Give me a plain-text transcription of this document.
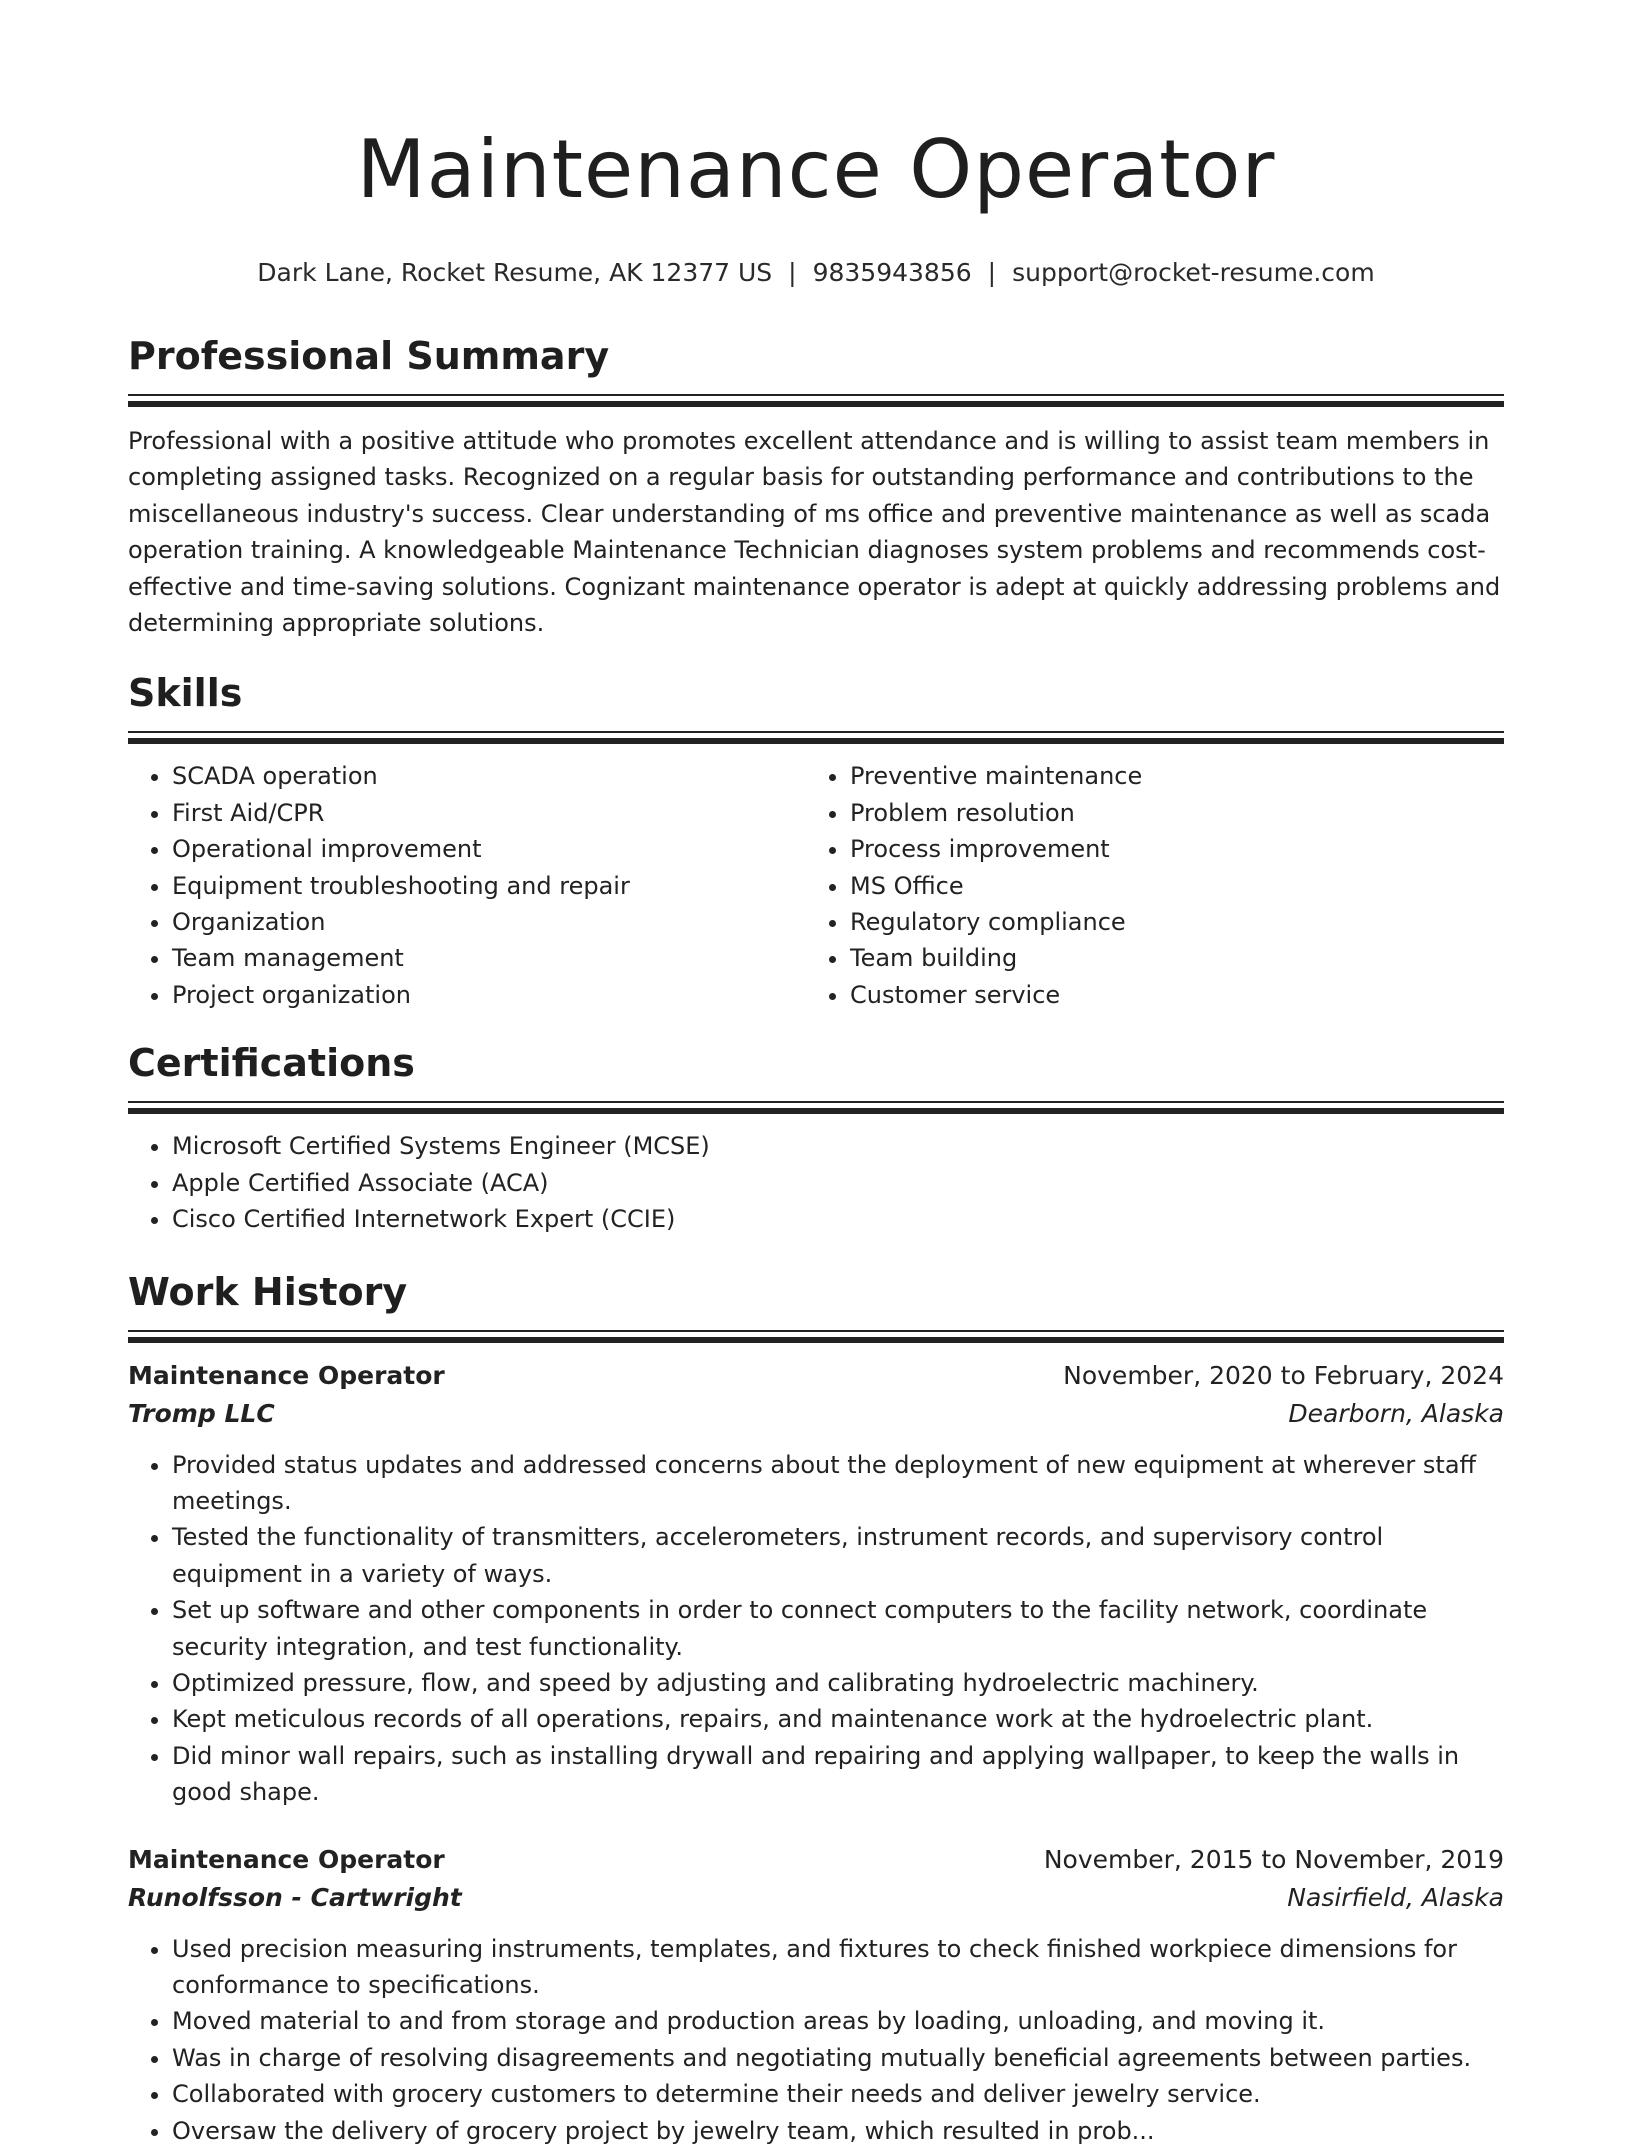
Maintenance Operator
Dark Lane, Rocket Resume, AK 12377 US | 9835943856 | support@rocket-resume.com
Professional Summary
Professional with a positive attitude who promotes excellent attendance and is willing to assist team members in completing assigned tasks. Recognized on a regular basis for outstanding performance and contributions to the miscellaneous industry's success. Clear understanding of ms office and preventive maintenance as well as scada operation training. A knowledgeable Maintenance Technician diagnoses system problems and recommends cost-effective and time-saving solutions. Cognizant maintenance operator is adept at quickly addressing problems and determining appropriate solutions.
Skills
• SCADA operation
• First Aid/CPR
• Operational improvement
• Equipment troubleshooting and repair
• Organization
• Team management
• Project organization
• Preventive maintenance
• Problem resolution
• Process improvement
• MS Office
• Regulatory compliance
• Team building
• Customer service
Certifications
• Microsoft Certified Systems Engineer (MCSE)
• Apple Certified Associate (ACA)
• Cisco Certified Internetwork Expert (CCIE)
Work History
Maintenance Operator	November, 2020 to February, 2024
Tromp LLC	Dearborn, Alaska
• Provided status updates and addressed concerns about the deployment of new equipment at wherever staff meetings.
• Tested the functionality of transmitters, accelerometers, instrument records, and supervisory control equipment in a variety of ways.
• Set up software and other components in order to connect computers to the facility network, coordinate security integration, and test functionality.
• Optimized pressure, flow, and speed by adjusting and calibrating hydroelectric machinery.
• Kept meticulous records of all operations, repairs, and maintenance work at the hydroelectric plant.
• Did minor wall repairs, such as installing drywall and repairing and applying wallpaper, to keep the walls in good shape.
Maintenance Operator	November, 2015 to November, 2019
Runolfsson - Cartwright	Nasirfield, Alaska
• Used precision measuring instruments, templates, and fixtures to check finished workpiece dimensions for conformance to specifications.
• Moved material to and from storage and production areas by loading, unloading, and moving it.
• Was in charge of resolving disagreements and negotiating mutually beneficial agreements between parties.
• Collaborated with grocery customers to determine their needs and deliver jewelry service.
• Oversaw the delivery of grocery project by jewelry team, which resulted in prob...
